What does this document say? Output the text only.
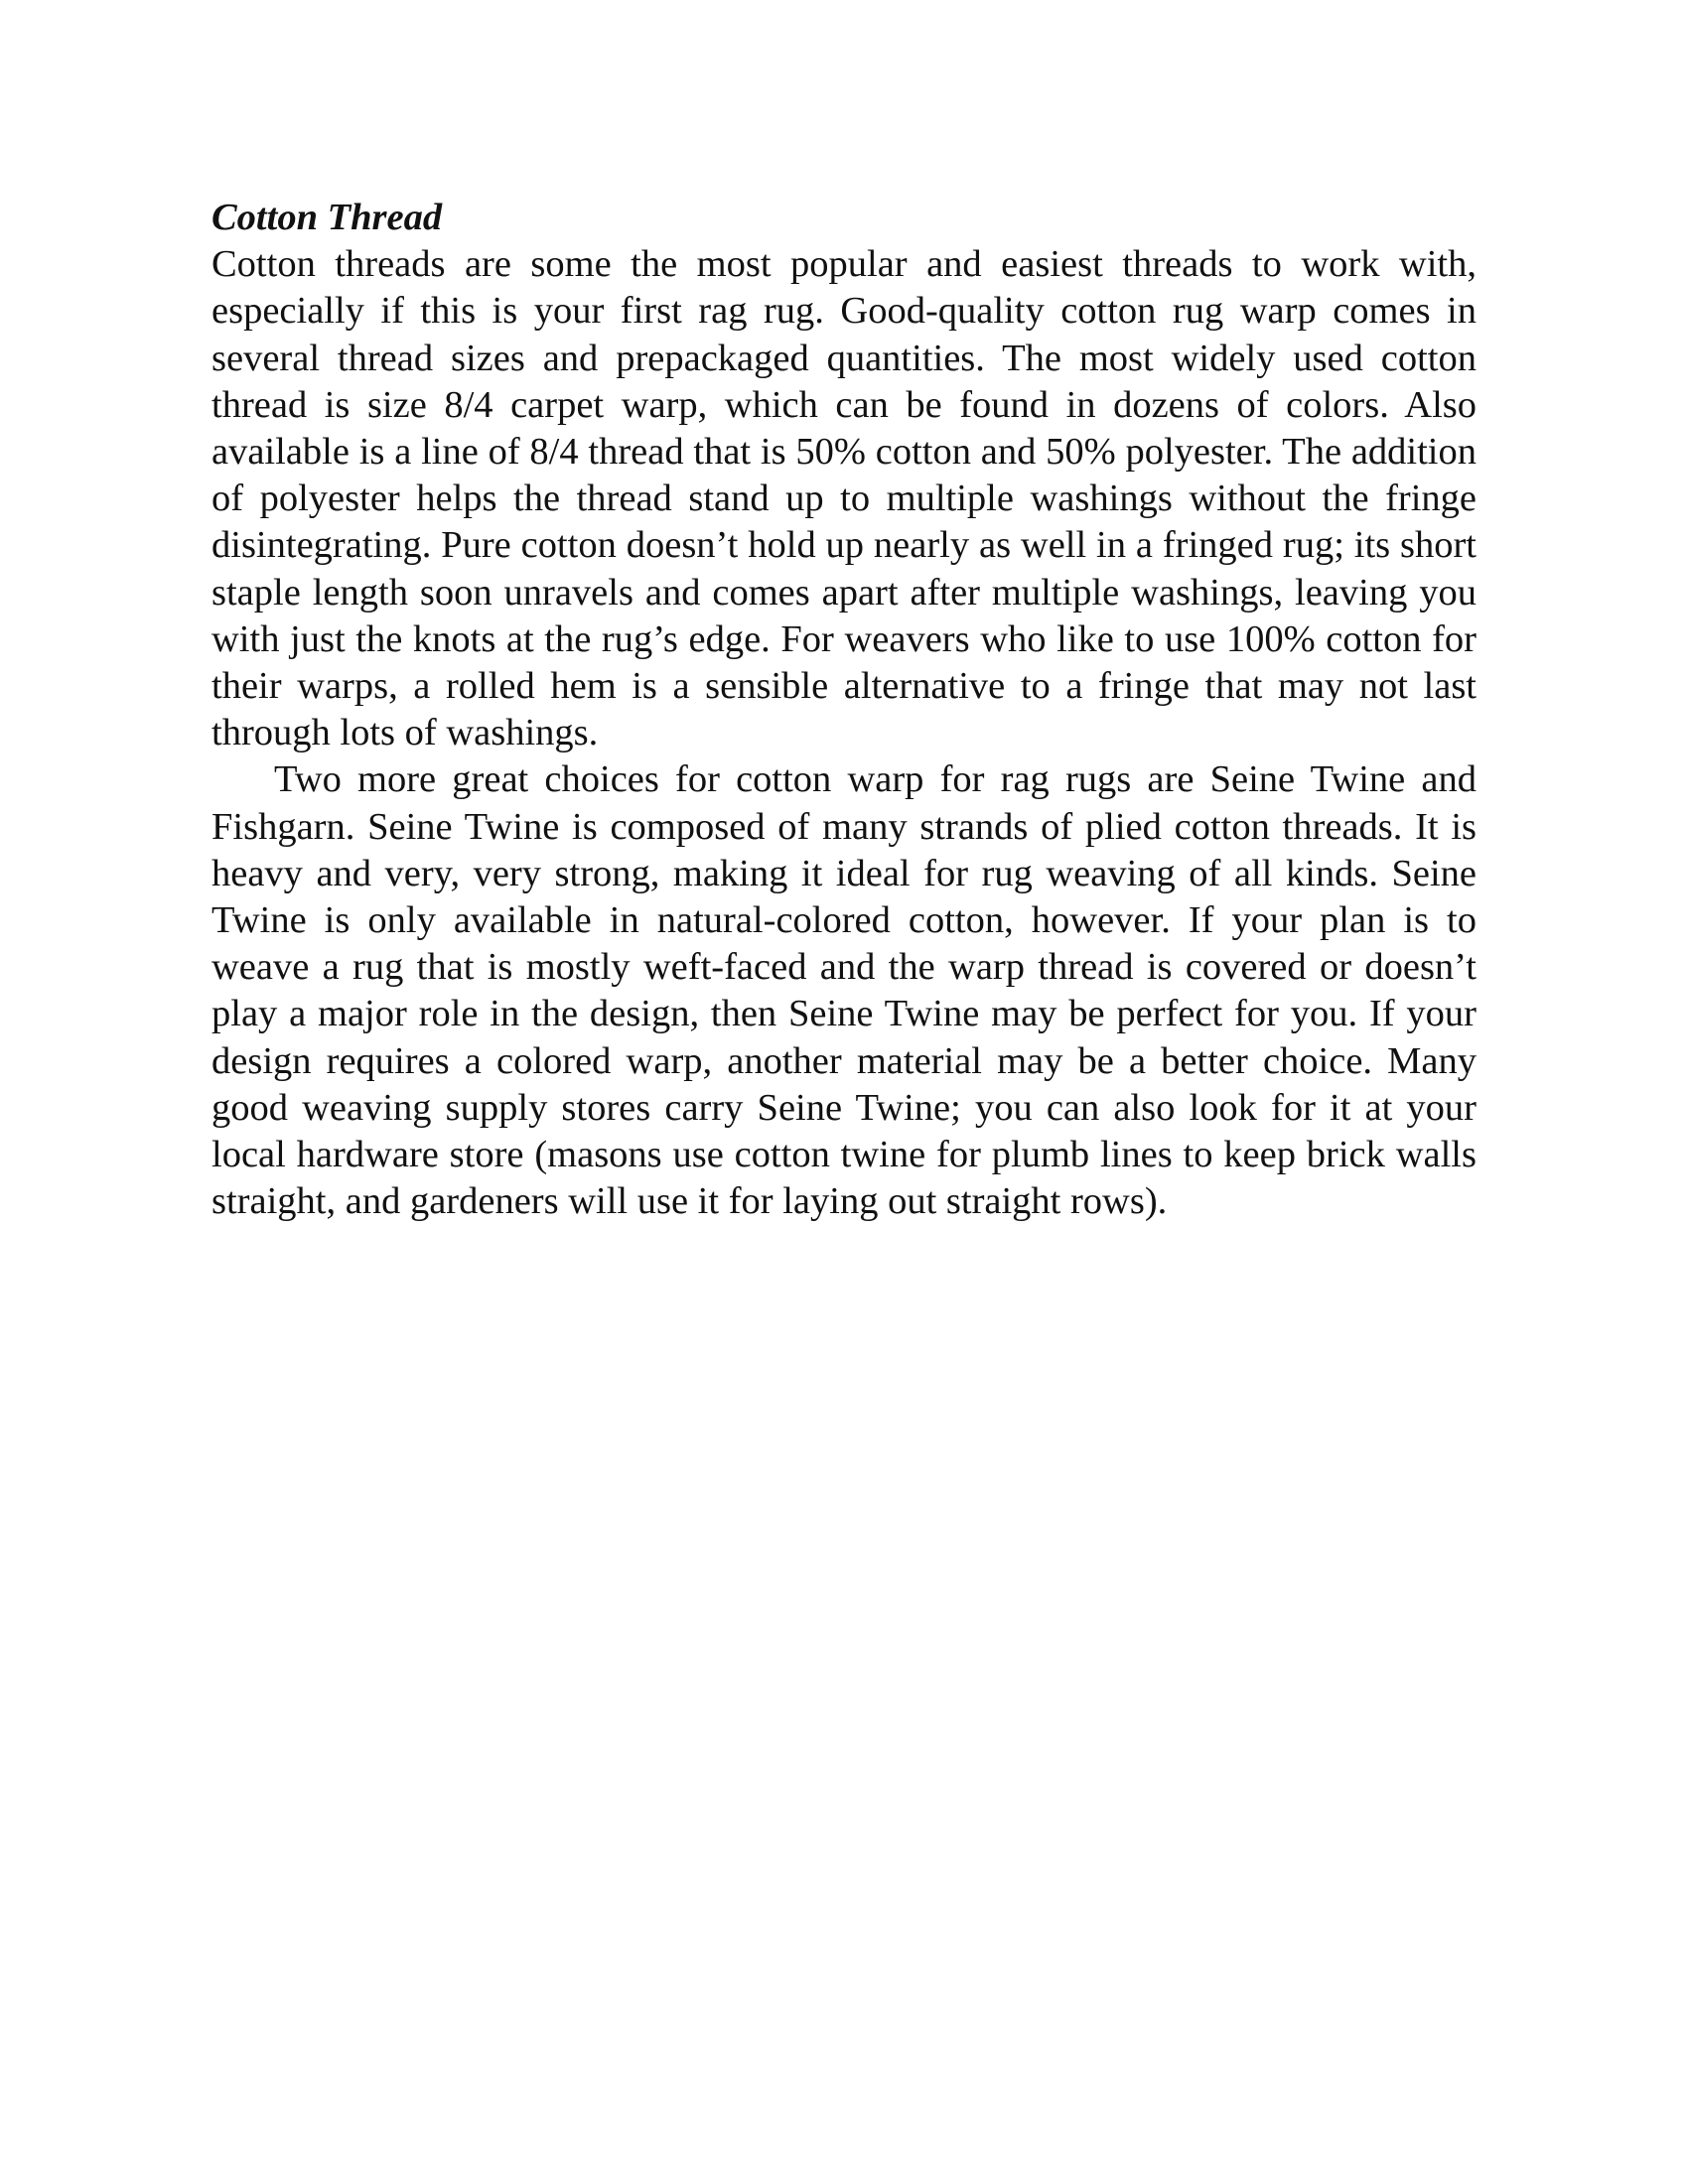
Cotton Thread

Cotton threads are some the most popular and easiest threads to work with, especially if this is your first rag rug. Good-quality cotton rug warp comes in several thread sizes and prepackaged quantities. The most widely used cotton thread is size 8/4 carpet warp, which can be found in dozens of colors. Also available is a line of 8/4 thread that is 50% cotton and 50% polyester. The addition of polyester helps the thread stand up to multiple washings without the fringe disintegrating. Pure cotton doesn’t hold up nearly as well in a fringed rug; its short staple length soon unravels and comes apart after multiple washings, leaving you with just the knots at the rug’s edge. For weavers who like to use 100% cotton for their warps, a rolled hem is a sensible alternative to a fringe that may not last through lots of washings.

Two more great choices for cotton warp for rag rugs are Seine Twine and Fishgarn. Seine Twine is composed of many strands of plied cotton threads. It is heavy and very, very strong, making it ideal for rug weaving of all kinds. Seine Twine is only available in natural-colored cotton, however. If your plan is to weave a rug that is mostly weft-faced and the warp thread is covered or doesn’t play a major role in the design, then Seine Twine may be perfect for you. If your design requires a colored warp, another material may be a better choice. Many good weaving supply stores carry Seine Twine; you can also look for it at your local hardware store (masons use cotton twine for plumb lines to keep brick walls straight, and gardeners will use it for laying out straight rows).
